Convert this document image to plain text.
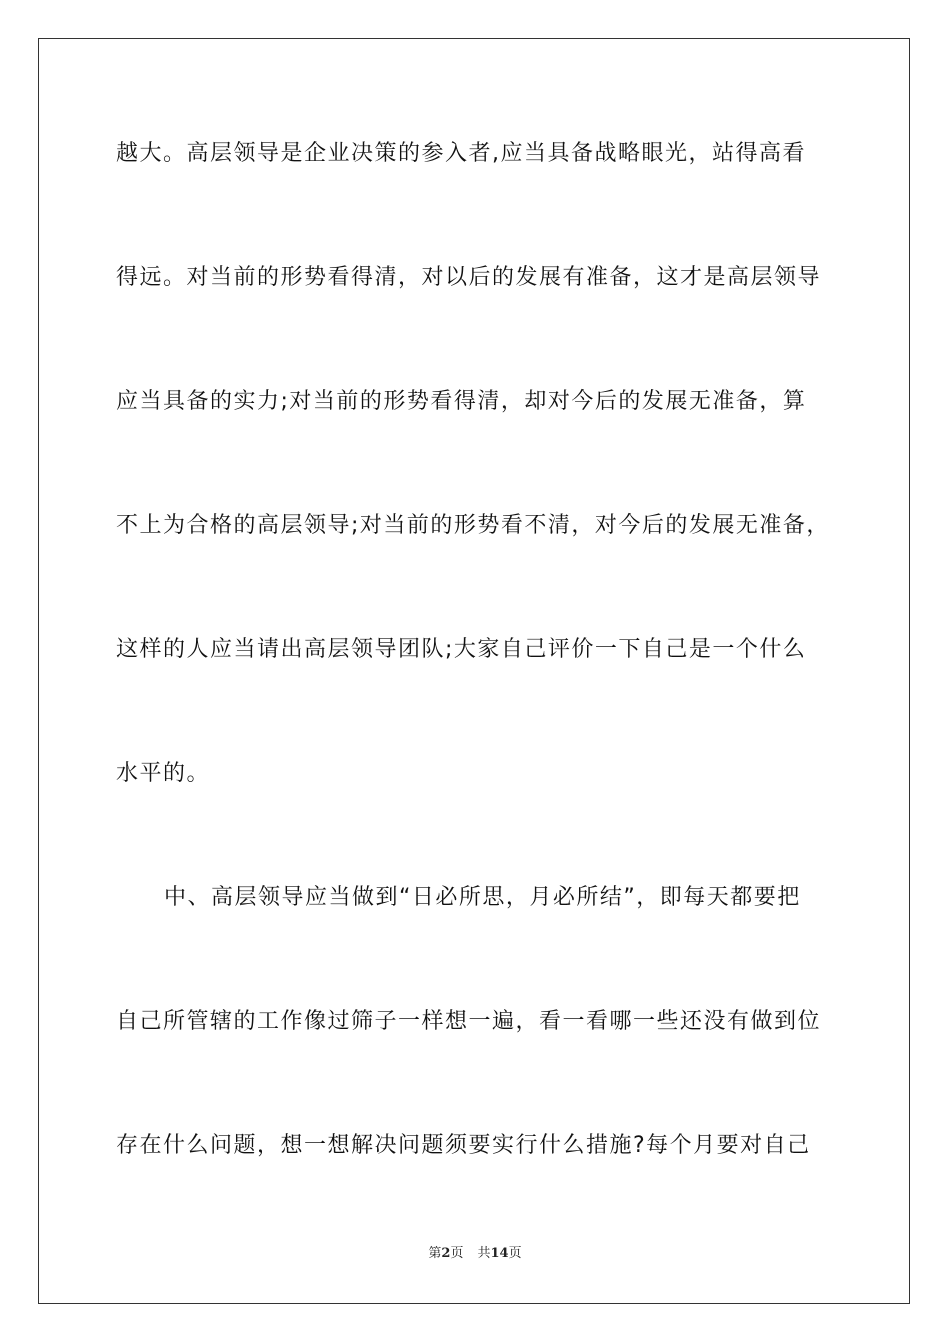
越大。高层领导是企业决策的参入者,应当具备战略眼光，站得高看
得远。对当前的形势看得清，对以后的发展有准备，这才是高层领导
应当具备的实力;对当前的形势看得清，却对今后的发展无准备，算
不上为合格的高层领导;对当前的形势看不清，对今后的发展无准备，
这样的人应当请出高层领导团队;大家自己评价一下自己是一个什么
水平的。
中、高层领导应当做到“日必所思，月必所结”，即每天都要把
自己所管辖的工作像过筛子一样想一遍，看一看哪一些还没有做到位
存在什么问题，想一想解决问题须要实行什么措施?每个月要对自己
第2页 共14页
